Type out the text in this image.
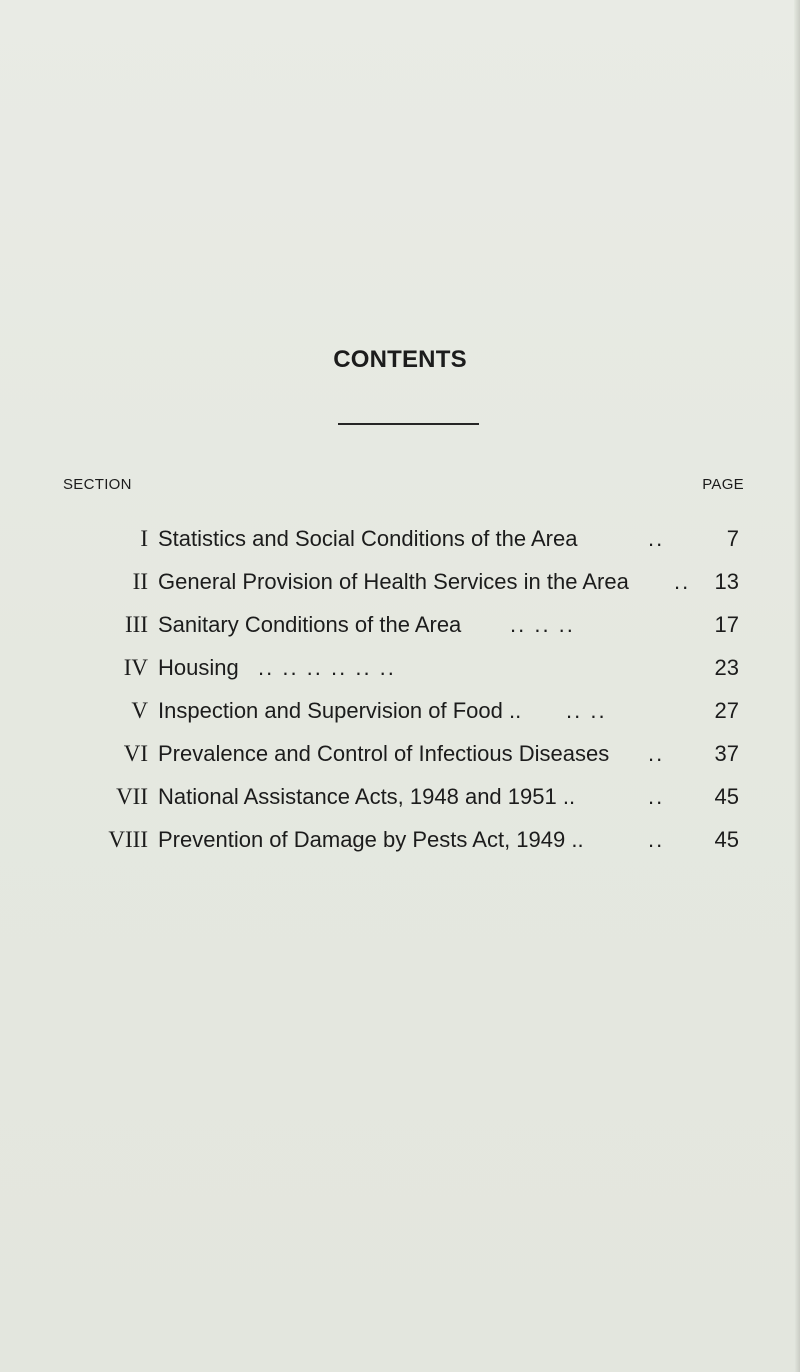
CONTENTS
SECTION	PAGE
I Statistics and Social Conditions of the Area	..	7
II General Provision of Health Services in the Area .. 13
III Sanitary Conditions of the Area .. .. ..	17
IV Housing .. .. .. .. .. ..	23
V Inspection and Supervision of Food .. .. ..	27
VI Prevalence and Control of Infectious Diseases .. 37
VII National Assistance Acts, 1948 and 1951 ..	.. 45
VIII Prevention of Damage by Pests Act, 1949 ..	.. 45
